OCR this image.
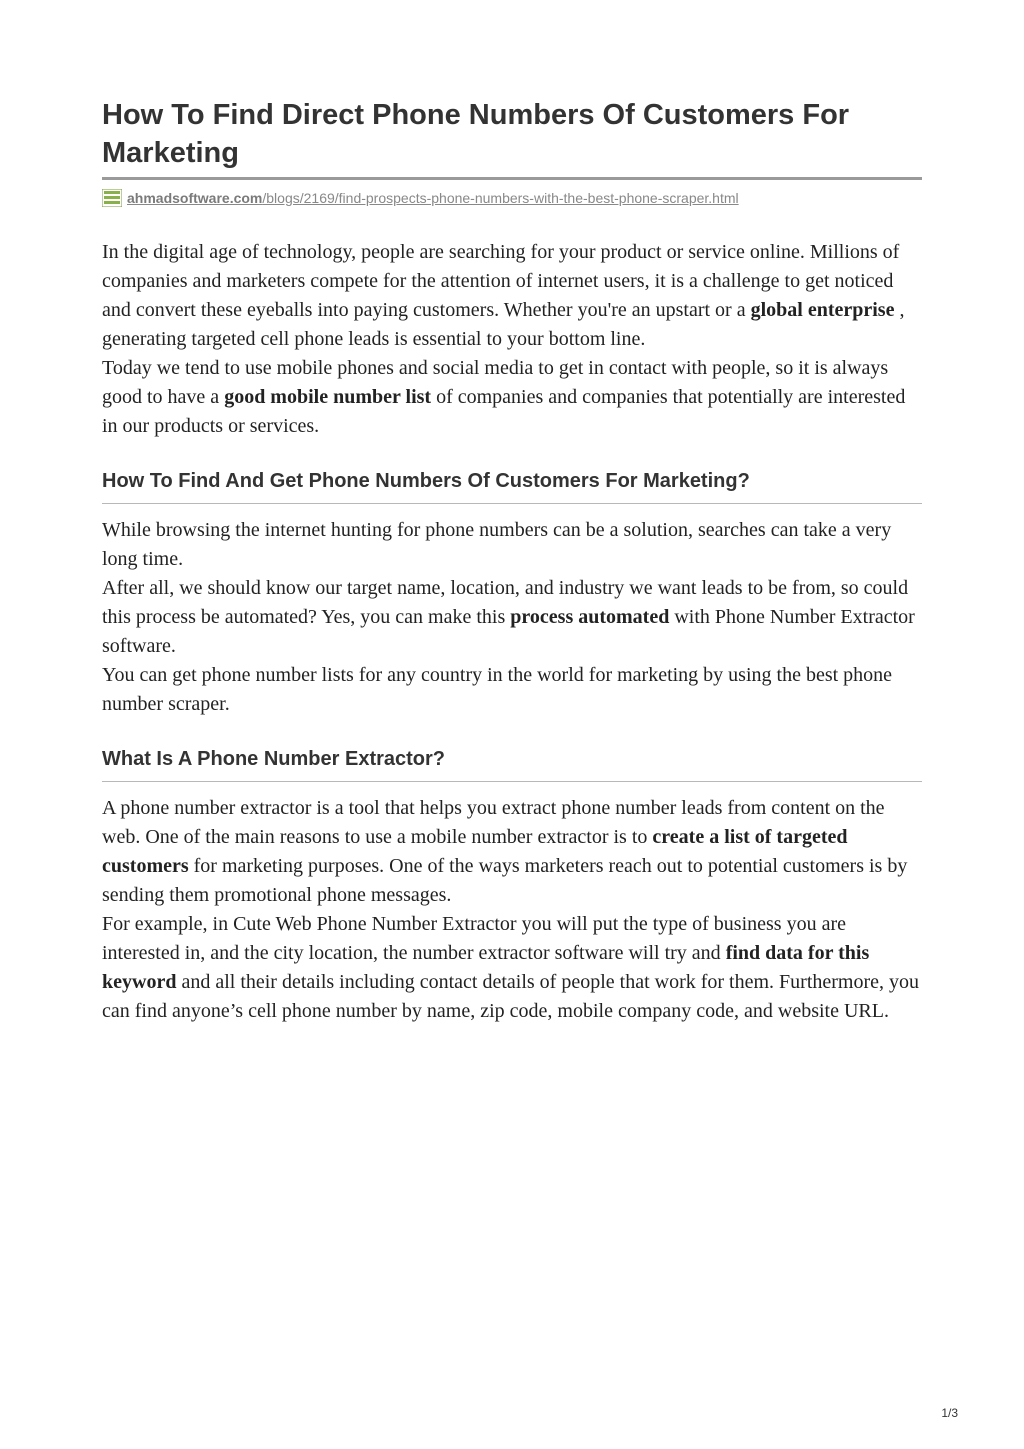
How To Find Direct Phone Numbers Of Customers For Marketing
ahmadsoftware.com/blogs/2169/find-prospects-phone-numbers-with-the-best-phone-scraper.html

In the digital age of technology, people are searching for your product or service online. Millions of companies and marketers compete for the attention of internet users, it is a challenge to get noticed and convert these eyeballs into paying customers. Whether you're an upstart or a global enterprise , generating targeted cell phone leads is essential to your bottom line.

Today we tend to use mobile phones and social media to get in contact with people, so it is always good to have a good mobile number list of companies and companies that potentially are interested in our products or services.

How To Find And Get Phone Numbers Of Customers For Marketing?

While browsing the internet hunting for phone numbers can be a solution, searches can take a very long time.

After all, we should know our target name, location, and industry we want leads to be from, so could this process be automated? Yes, you can make this process automated with Phone Number Extractor software.

You can get phone number lists for any country in the world for marketing by using the best phone number scraper.

What Is A Phone Number Extractor?

A phone number extractor is a tool that helps you extract phone number leads from content on the web. One of the main reasons to use a mobile number extractor is to create a list of targeted customers for marketing purposes. One of the ways marketers reach out to potential customers is by sending them promotional phone messages.

For example, in Cute Web Phone Number Extractor you will put the type of business you are interested in, and the city location, the number extractor software will try and find data for this keyword and all their details including contact details of people that work for them. Furthermore, you can find anyone’s cell phone number by name, zip code, mobile company code, and website URL.

1/3
